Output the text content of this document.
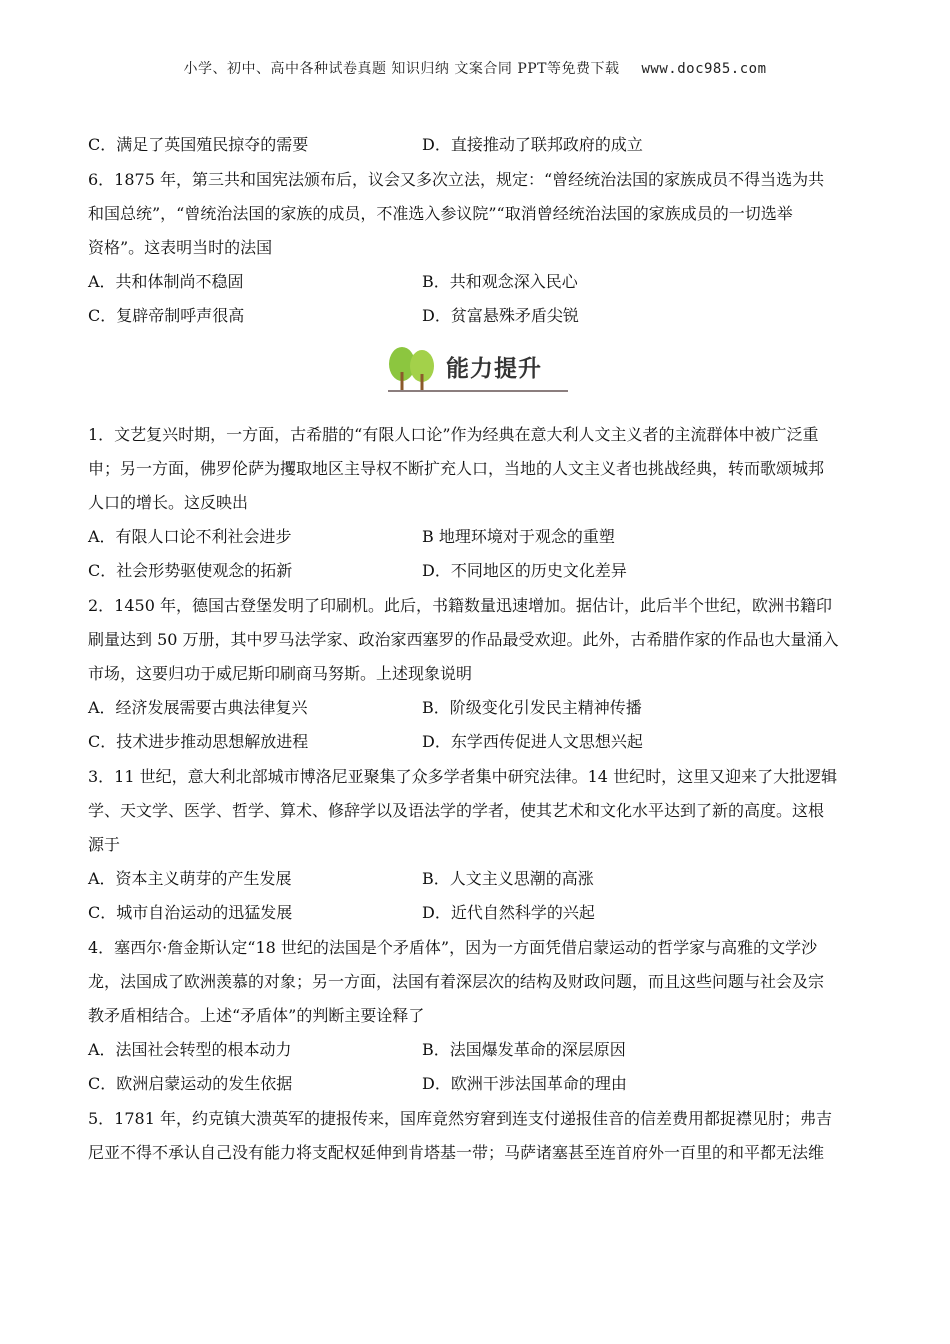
小学、初中、高中各种试卷真题 知识归纳 文案合同 PPT等免费下载 www.doc985.com
C．满足了英国殖民掠夺的需要	D．直接推动了联邦政府的成立
6．1875 年，第三共和国宪法颁布后，议会又多次立法，规定：“曾经统治法国的家族成员不得当选为共
和国总统”，“曾统治法国的家族的成员，不准选入参议院”“取消曾经统治法国的家族成员的一切选举
资格”。这表明当时的法国
A．共和体制尚不稳固	B．共和观念深入民心
C．复辟帝制呼声很高	D．贫富悬殊矛盾尖锐
能力提升
1．文艺复兴时期，一方面，古希腊的“有限人口论”作为经典在意大利人文主义者的主流群体中被广泛重
申；另一方面，佛罗伦萨为攫取地区主导权不断扩充人口，当地的人文主义者也挑战经典，转而歌颂城邦
人口的增长。这反映出
A．有限人口论不利社会进步	B 地理环境对于观念的重塑
C．社会形势驱使观念的拓新	D．不同地区的历史文化差异
2．1450 年，德国古登堡发明了印刷机。此后，书籍数量迅速增加。据估计，此后半个世纪，欧洲书籍印
刷量达到 50 万册，其中罗马法学家、政治家西塞罗的作品最受欢迎。此外，古希腊作家的作品也大量涌入
市场，这要归功于威尼斯印刷商马努斯。上述现象说明
A．经济发展需要古典法律复兴	B．阶级变化引发民主精神传播
C．技术进步推动思想解放进程	D．东学西传促进人文思想兴起
3．11 世纪，意大利北部城市博洛尼亚聚集了众多学者集中研究法律。14 世纪时，这里又迎来了大批逻辑
学、天文学、医学、哲学、算术、修辞学以及语法学的学者，使其艺术和文化水平达到了新的高度。这根
源于
A．资本主义萌芽的产生发展	B．人文主义思潮的高涨
C．城市自治运动的迅猛发展	D．近代自然科学的兴起
4．塞西尔·詹金斯认定“18 世纪的法国是个矛盾体”，因为一方面凭借启蒙运动的哲学家与高雅的文学沙
龙，法国成了欧洲羡慕的对象；另一方面，法国有着深层次的结构及财政问题，而且这些问题与社会及宗
教矛盾相结合。上述“矛盾体”的判断主要诠释了
A．法国社会转型的根本动力	B．法国爆发革命的深层原因
C．欧洲启蒙运动的发生依据	D．欧洲干涉法国革命的理由
5．1781 年，约克镇大溃英军的捷报传来，国库竟然穷窘到连支付递报佳音的信差费用都捉襟见肘；弗吉
尼亚不得不承认自己没有能力将支配权延伸到肯塔基一带；马萨诸塞甚至连首府外一百里的和平都无法维
